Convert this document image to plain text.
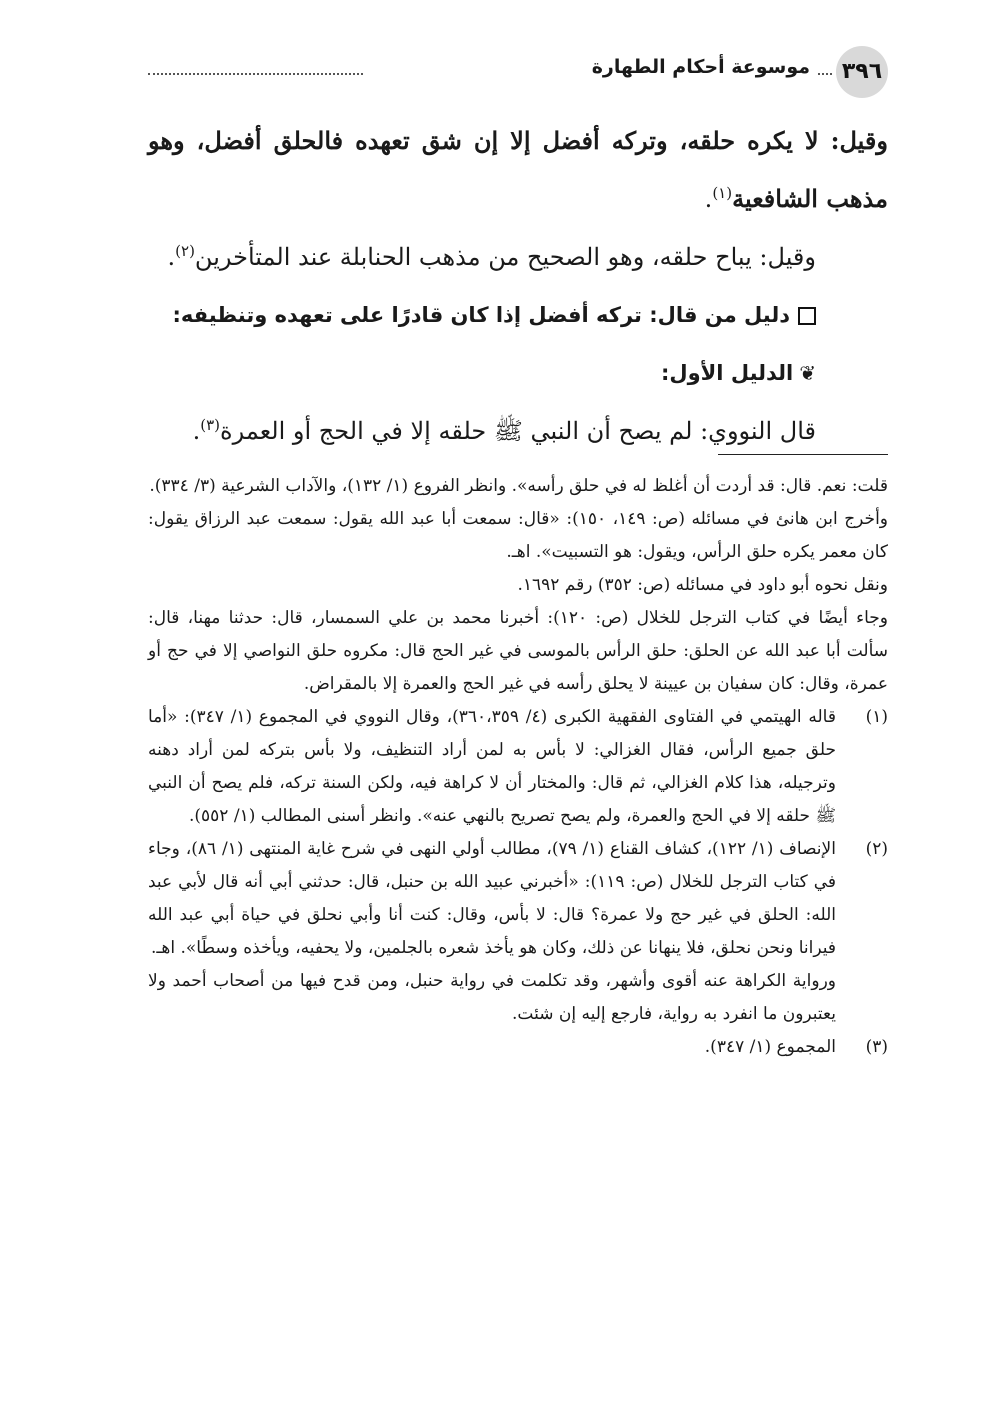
موسوعة أحكام الطهارة ٣٩٦

وقيل: لا يكره حلقه، وتركه أفضل إلا إن شق تعهده فالحلق أفضل، وهو مذهب الشافعية$^{(١)}$.

وقيل: يباح حلقه، وهو الصحيح من مذهب الحنابلة عند المتأخرين$^{(٢)}$.

دليل من قال: تركه أفضل إذا كان قادرًا على تعهده وتنظيفه:

❦الدليل الأول:

قال النووي: لم يصح أن النبي ﷺ حلقه إلا في الحج أو العمرة$^{(٣)}$.

قلت: نعم. قال: قد أردت أن أغلظ له في حلق رأسه». وانظر الفروع (١/ ١٣٢)، والآداب الشرعية (٣/ ٣٣٤).

وأخرج ابن هانئ في مسائله (ص: ١٤٩، ١٥٠): «قال: سمعت أبا عبد الله يقول: سمعت عبد الرزاق يقول: كان معمر يكره حلق الرأس، ويقول: هو التسبيت». اهـ.

ونقل نحوه أبو داود في مسائله (ص: ٣٥٢) رقم ١٦٩٢.

وجاء أيضًا في كتاب الترجل للخلال (ص: ١٢٠): أخبرنا محمد بن علي السمسار، قال: حدثنا مهنا، قال: سألت أبا عبد الله عن الحلق: حلق الرأس بالموسى في غير الحج قال: مكروه حلق النواصي إلا في حج أو عمرة، وقال: كان سفيان بن عيينة لا يحلق رأسه في غير الحج والعمرة إلا بالمقراض.

(١)
قاله الهيتمي في الفتاوى الفقهية الكبرى (٤/ ٣٦٠،٣٥٩)، وقال النووي في المجموع (١/ ٣٤٧): «أما حلق جميع الرأس، فقال الغزالي: لا بأس به لمن أراد التنظيف، ولا بأس بتركه لمن أراد دهنه وترجيله، هذا كلام الغزالي، ثم قال: والمختار أن لا كراهة فيه، ولكن السنة تركه، فلم يصح أن النبي ﷺ حلقه إلا في الحج والعمرة، ولم يصح تصريح بالنهي عنه». وانظر أسنى المطالب (١/ ٥٥٢).

(٢)
الإنصاف (١/ ١٢٢)، كشاف القناع (١/ ٧٩)، مطالب أولي النهى في شرح غاية المنتهى (١/ ٨٦)، وجاء في كتاب الترجل للخلال (ص: ١١٩): «أخبرني عبيد الله بن حنبل، قال: حدثني أبي أنه قال لأبي عبد الله: الحلق في غير حج ولا عمرة؟ قال: لا بأس، وقال: كنت أنا وأبي نحلق في حياة أبي عبد الله فيرانا ونحن نحلق، فلا ينهانا عن ذلك، وكان هو يأخذ شعره بالجلمين، ولا يحفيه، ويأخذه وسطًا». اهـ.

ورواية الكراهة عنه أقوى وأشهر، وقد تكلمت في رواية حنبل، ومن قدح فيها من أصحاب أحمد ولا يعتبرون ما انفرد به رواية، فارجع إليه إن شئت.

(٣)
المجموع (١/ ٣٤٧).
